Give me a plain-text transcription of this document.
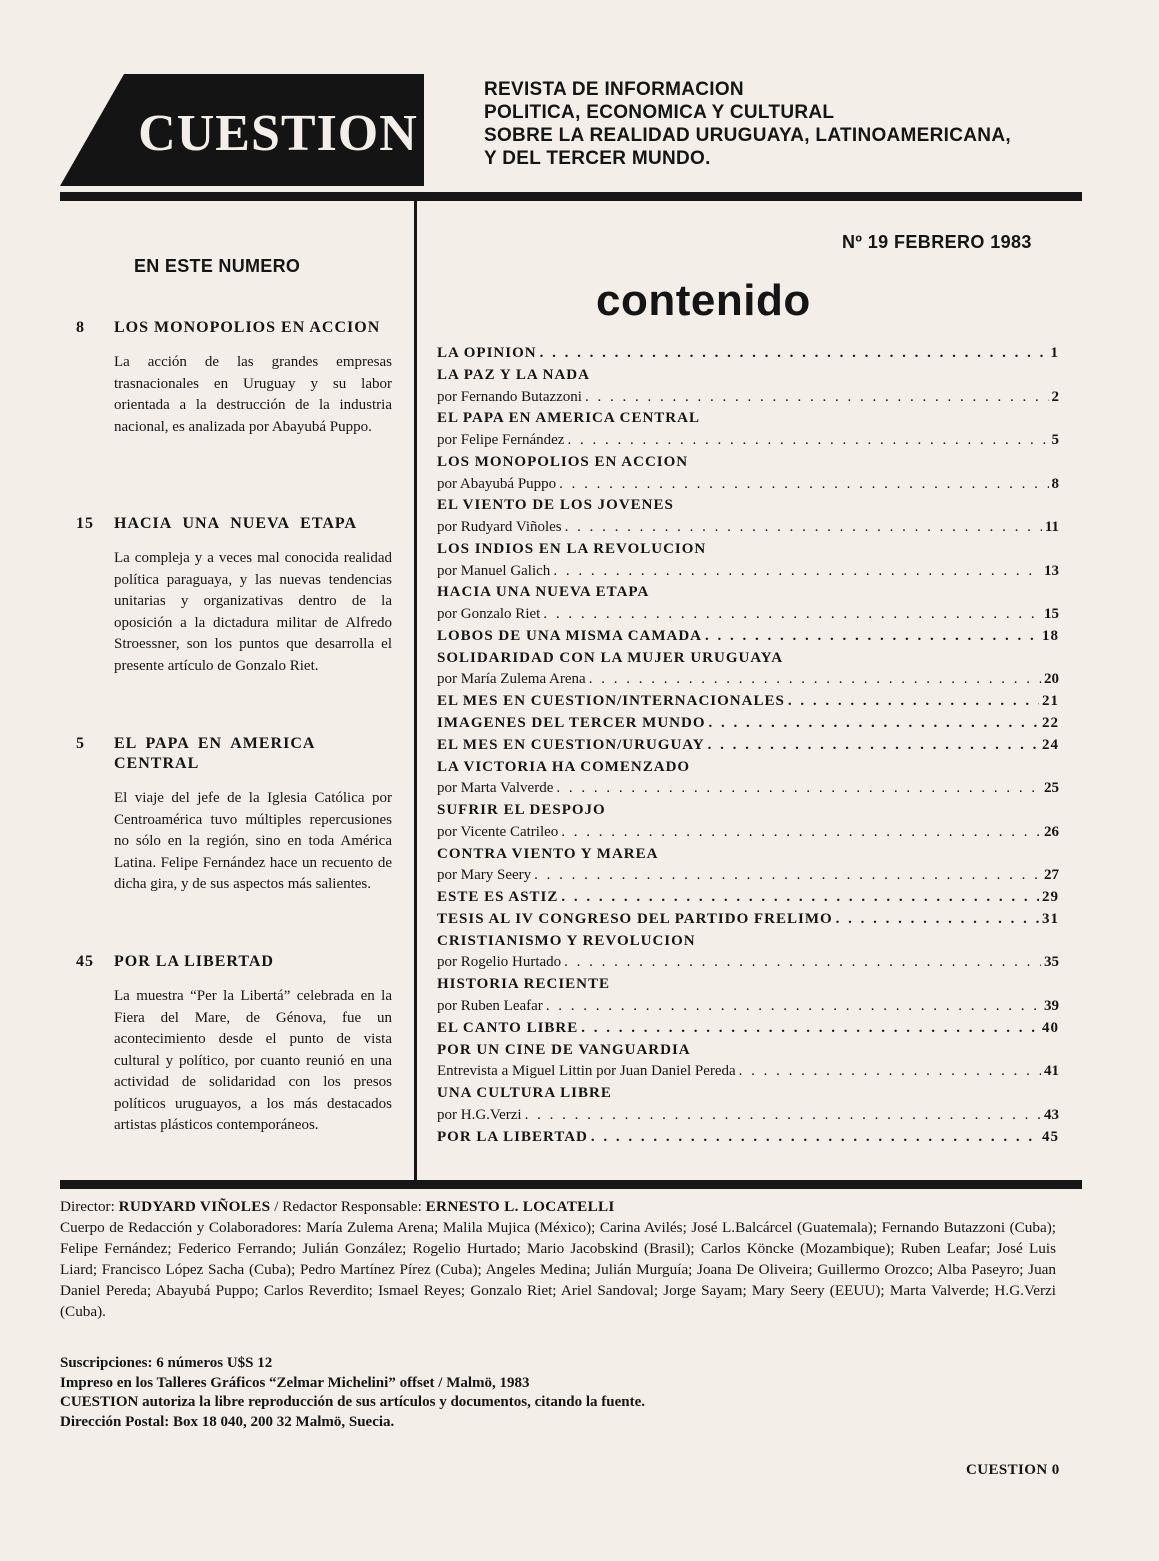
CUESTION
REVISTA DE INFORMACION
POLITICA, ECONOMICA Y CULTURAL
SOBRE LA REALIDAD URUGUAYA, LATINOAMERICANA,
Y DEL TERCER MUNDO.
EN ESTE NUMERO
8	LOS MONOPOLIOS EN ACCION
La acción de las grandes empresas trasnacionales en Uruguay y su labor orientada a la destrucción de la industria nacional, es analizada por Abayubá Puppo.
15	HACIA UNA NUEVA ETAPA
La compleja y a veces mal conocida realidad política paraguaya, y las nuevas tendencias unitarias y organizativas dentro de la oposición a la dictadura militar de Alfredo Stroessner, son los puntos que desarrolla el presente artículo de Gonzalo Riet.
5	EL PAPA EN AMERICA CENTRAL
El viaje del jefe de la Iglesia Católica por Centroamérica tuvo múltiples repercusiones no sólo en la región, sino en toda América Latina. Felipe Fernández hace un recuento de dicha gira, y de sus aspectos más salientes.
45	POR LA LIBERTAD
La muestra “Per la Libertá” celebrada en la Fiera del Mare, de Génova, fue un acontecimiento desde el punto de vista cultural y político, por cuanto reunió en una actividad de solidaridad con los presos políticos uruguayos, a los más destacados artistas plásticos contemporáneos.
Nº 19 FEBRERO 1983
contenido
LA OPINION . . .	1
LA PAZ Y LA NADA
por Fernando Butazzoni . . .	2
EL PAPA EN AMERICA CENTRAL
por Felipe Fernández . . .	5
LOS MONOPOLIOS EN ACCION
por Abayubá Puppo . . .	8
EL VIENTO DE LOS JOVENES
por Rudyard Viñoles . . .	11
LOS INDIOS EN LA REVOLUCION
por Manuel Galich . . .	13
HACIA UNA NUEVA ETAPA
por Gonzalo Riet . . .	15
LOBOS DE UNA MISMA CAMADA . . .	18
SOLIDARIDAD CON LA MUJER URUGUAYA
por María Zulema Arena . . .	20
EL MES EN CUESTION/INTERNACIONALES . . .	21
IMAGENES DEL TERCER MUNDO . . .	22
EL MES EN CUESTION/URUGUAY . . .	24
LA VICTORIA HA COMENZADO
por Marta Valverde . . .	25
SUFRIR EL DESPOJO
por Vicente Catrileo . . .	26
CONTRA VIENTO Y MAREA
por Mary Seery . . .	27
ESTE ES ASTIZ . . .	29
TESIS AL IV CONGRESO DEL PARTIDO FRELIMO . . .	31
CRISTIANISMO Y REVOLUCION
por Rogelio Hurtado . . .	35
HISTORIA RECIENTE
por Ruben Leafar . . .	39
EL CANTO LIBRE . . .	40
POR UN CINE DE VANGUARDIA
Entrevista a Miguel Littin por Juan Daniel Pereda . . .	41
UNA CULTURA LIBRE
por H.G.Verzi . . .	43
POR LA LIBERTAD . . .	45

Director: RUDYARD VIÑOLES / Redactor Responsable: ERNESTO L. LOCATELLI

Cuerpo de Redacción y Colaboradores: María Zulema Arena; Malila Mujica (México); Carina Avilés; José L.Balcárcel (Guatemala); Fernando Butazzoni (Cuba); Felipe Fernández; Federico Ferrando; Julián González; Rogelio Hurtado; Mario Jacobskind (Brasil); Carlos Köncke (Mozambique); Ruben Leafar; José Luis Liard; Francisco López Sacha (Cuba); Pedro Martínez Pírez (Cuba); Angeles Medina; Julián Murguía; Joana De Oliveira; Guillermo Orozco; Alba Paseyro; Juan Daniel Pereda; Abayubá Puppo; Carlos Reverdito; Ismael Reyes; Gonzalo Riet; Ariel Sandoval; Jorge Sayam; Mary Seery (EEUU); Marta Valverde; H.G.Verzi (Cuba).

Suscripciones: 6 números U$S 12
Impreso en los Talleres Gráficos “Zelmar Michelini” offset / Malmö, 1983
CUESTION autoriza la libre reproducción de sus artículos y documentos, citando la fuente.
Dirección Postal: Box 18 040, 200 32 Malmö, Suecia.
CUESTION 0
